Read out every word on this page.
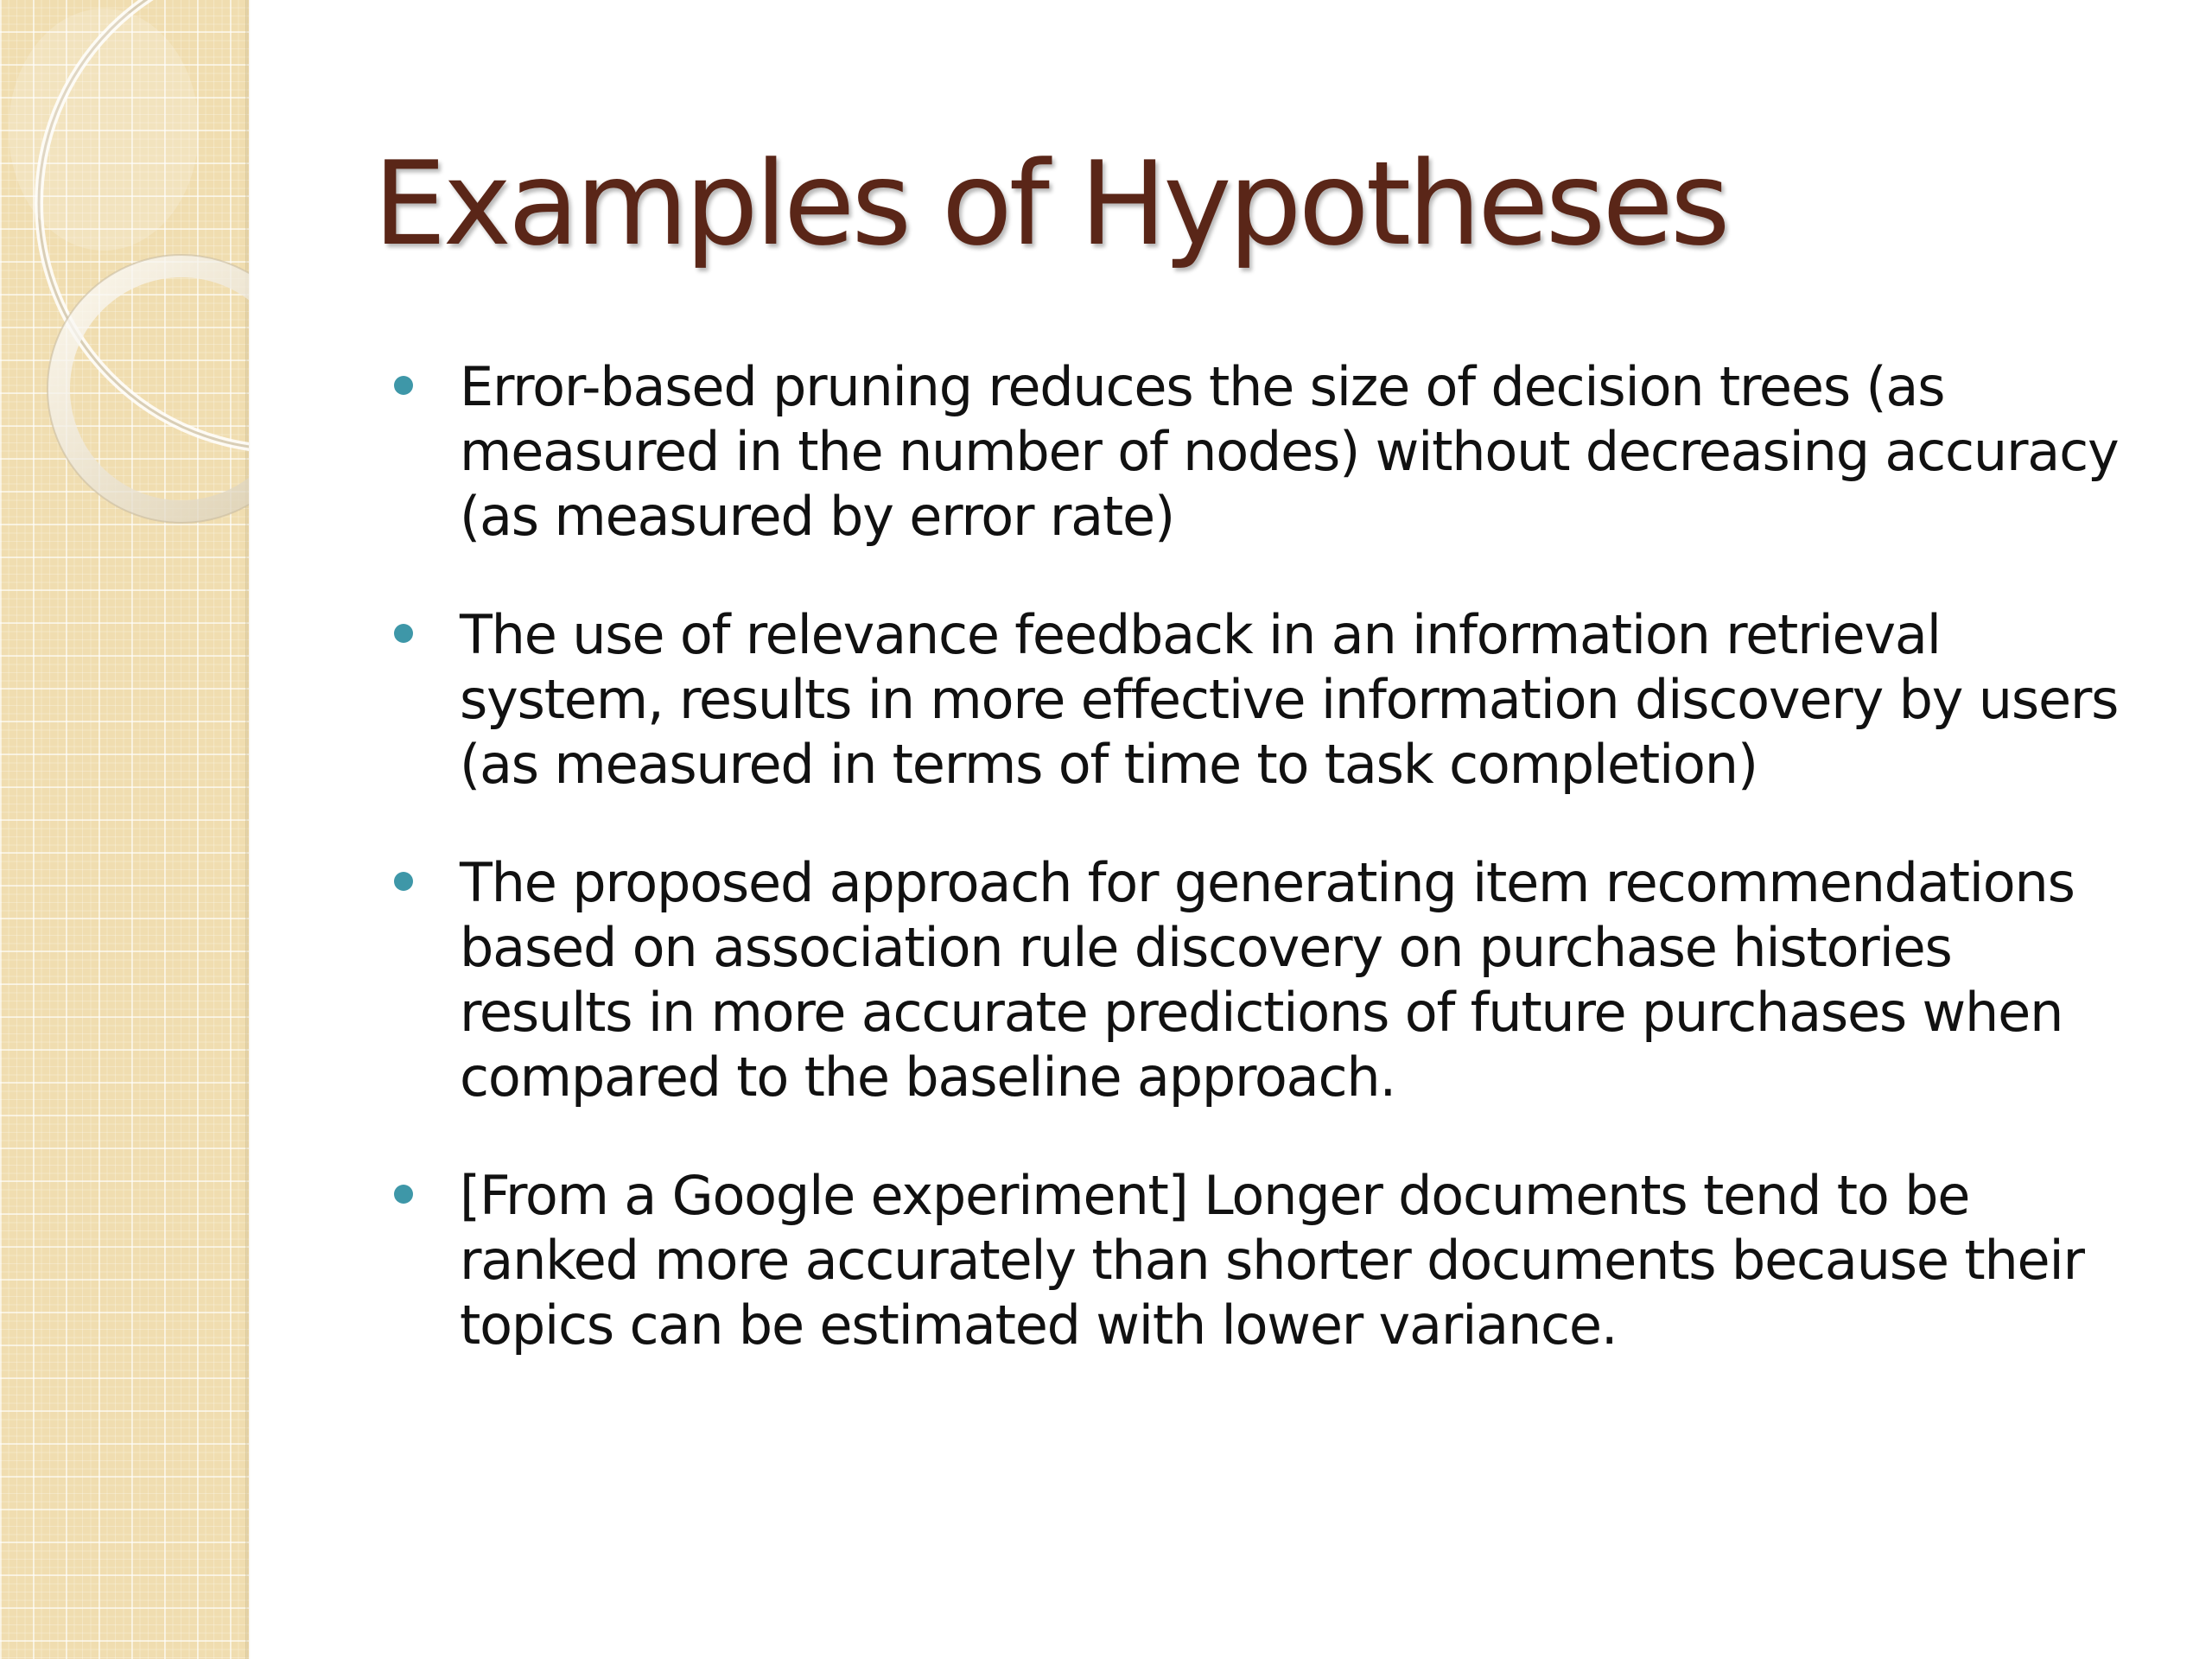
Examples of Hypotheses
Error-based pruning reduces the size of decision trees (as measured in the number of nodes) without decreasing accuracy (as measured by error rate)
The use of relevance feedback in an information retrieval system, results in more effective information discovery by users (as measured in terms of time to task completion)
The proposed approach for generating item recommendations based on association rule discovery on purchase histories results in more accurate predictions of future purchases when compared to the baseline approach.
[From a Google experiment] Longer documents tend to be ranked more accurately than shorter documents because their topics can be estimated with lower variance.
